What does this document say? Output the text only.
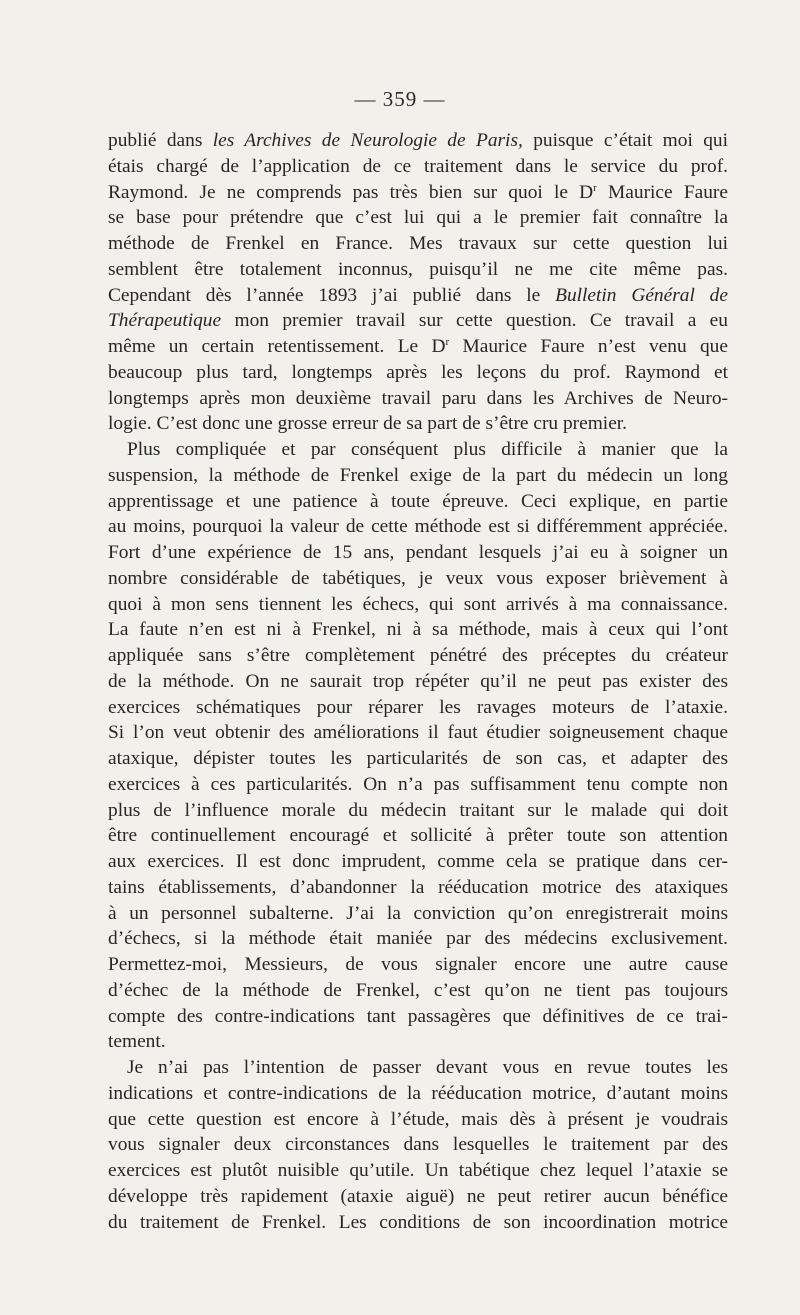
— 359 —
publié dans les Archives de Neurologie de Paris, puisque c’était moi qui
étais chargé de l’application de ce traitement dans le service du prof.
Raymond. Je ne comprends pas très bien sur quoi le $D^r$ Maurice Faure
se base pour prétendre que c’est lui qui a le premier fait connaître la
méthode de Frenkel en France. Mes travaux sur cette question lui
semblent être totalement inconnus, puisqu’il ne me cite même pas.
Cependant dès l’année 1893 j’ai publié dans le Bulletin Général de
Thérapeutique mon premier travail sur cette question. Ce travail a eu
même un certain retentissement. Le $D^r$ Maurice Faure n’est venu que
beaucoup plus tard, longtemps après les leçons du prof. Raymond et
longtemps après mon deuxième travail paru dans les Archives de Neuro-
logie. C’est donc une grosse erreur de sa part de s’être cru premier.
Plus compliquée et par conséquent plus difficile à manier que la
suspension, la méthode de Frenkel exige de la part du médecin un long
apprentissage et une patience à toute épreuve. Ceci explique, en partie
au moins, pourquoi la valeur de cette méthode est si différemment appréciée.
Fort d’une expérience de 15 ans, pendant lesquels j’ai eu à soigner un
nombre considérable de tabétiques, je veux vous exposer brièvement à
quoi à mon sens tiennent les échecs, qui sont arrivés à ma connaissance.
La faute n’en est ni à Frenkel, ni à sa méthode, mais à ceux qui l’ont
appliquée sans s’être complètement pénétré des préceptes du créateur
de la méthode. On ne saurait trop répéter qu’il ne peut pas exister des
exercices schématiques pour réparer les ravages moteurs de l’ataxie.
Si l’on veut obtenir des améliorations il faut étudier soigneusement chaque
ataxique, dépister toutes les particularités de son cas, et adapter des
exercices à ces particularités. On n’a pas suffisamment tenu compte non
plus de l’influence morale du médecin traitant sur le malade qui doit
être continuellement encouragé et sollicité à prêter toute son attention
aux exercices. Il est donc imprudent, comme cela se pratique dans cer-
tains établissements, d’abandonner la rééducation motrice des ataxiques
à un personnel subalterne. J’ai la conviction qu’on enregistrerait moins
d’échecs, si la méthode était maniée par des médecins exclusivement.
Permettez-moi, Messieurs, de vous signaler encore une autre cause
d’échec de la méthode de Frenkel, c’est qu’on ne tient pas toujours
compte des contre-indications tant passagères que définitives de ce trai-
tement.
Je n’ai pas l’intention de passer devant vous en revue toutes les
indications et contre-indications de la rééducation motrice, d’autant moins
que cette question est encore à l’étude, mais dès à présent je voudrais
vous signaler deux circonstances dans lesquelles le traitement par des
exercices est plutôt nuisible qu’utile. Un tabétique chez lequel l’ataxie se
développe très rapidement (ataxie aiguë) ne peut retirer aucun bénéfice
du traitement de Frenkel. Les conditions de son incoordination motrice
